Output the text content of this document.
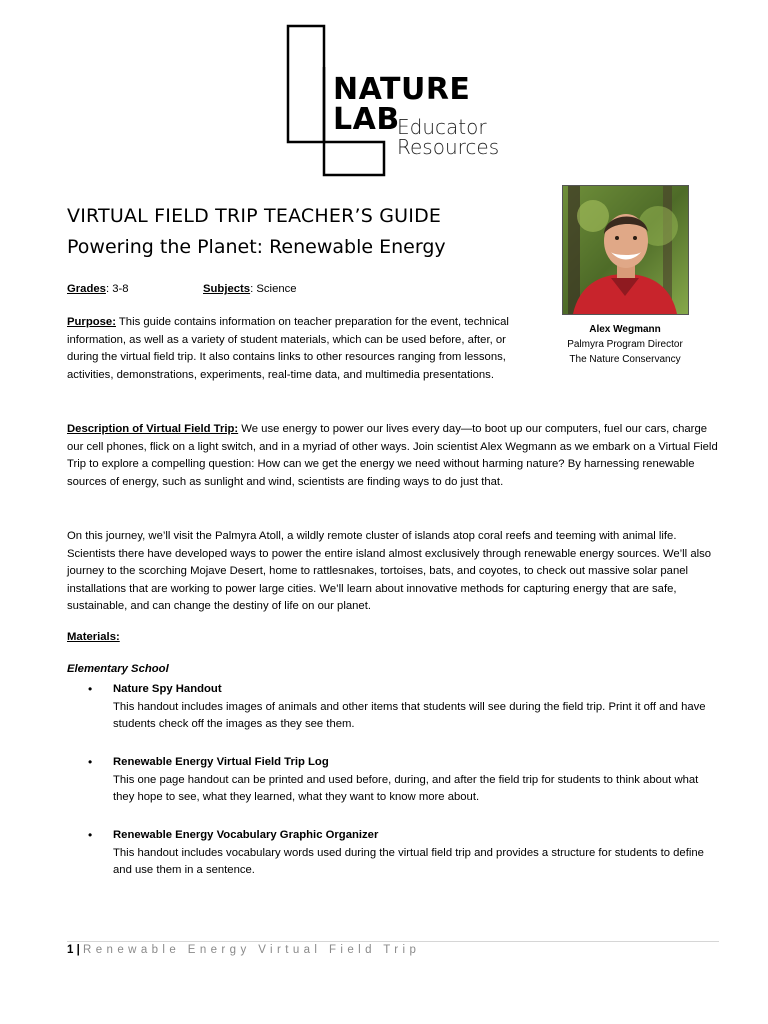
NATURE
LAB
Educator
Resources
VIRTUAL FIELD TRIP TEACHER’S GUIDE
Powering the Planet: Renewable Energy
Grades: 3-8	Subjects: Science
Purpose: This guide contains information on teacher preparation for the event, technical information, as well as a variety of student materials, which can be used before, after, or during the virtual field trip. It also contains links to other resources ranging from lessons, activities, demonstrations, experiments, real-time data, and multimedia presentations.
Alex Wegmann
Palmyra Program Director
The Nature Conservancy
Description of Virtual Field Trip: We use energy to power our lives every day—to boot up our computers, fuel our cars, charge our cell phones, flick on a light switch, and in a myriad of other ways. Join scientist Alex Wegmann as we embark on a Virtual Field Trip to explore a compelling question: How can we get the energy we need without harming nature? By harnessing renewable sources of energy, such as sunlight and wind, scientists are finding ways to do just that.
On this journey, we’ll visit the Palmyra Atoll, a wildly remote cluster of islands atop coral reefs and teeming with animal life. Scientists there have developed ways to power the entire island almost exclusively through renewable energy sources. We’ll also journey to the scorching Mojave Desert, home to rattlesnakes, tortoises, bats, and coyotes, to check out massive solar panel installations that are working to power large cities. We’ll learn about innovative methods for capturing energy that are safe, sustainable, and can change the destiny of life on our planet.
Materials:
Elementary School
• Nature Spy Handout
This handout includes images of animals and other items that students will see during the field trip. Print it off and have students check off the images as they see them.
• Renewable Energy Virtual Field Trip Log
This one page handout can be printed and used before, during, and after the field trip for students to think about what they hope to see, what they learned, what they want to know more about.
• Renewable Energy Vocabulary Graphic Organizer
This handout includes vocabulary words used during the virtual field trip and provides a structure for students to define and use them in a sentence.
1 | Renewable Energy Virtual Field Trip
